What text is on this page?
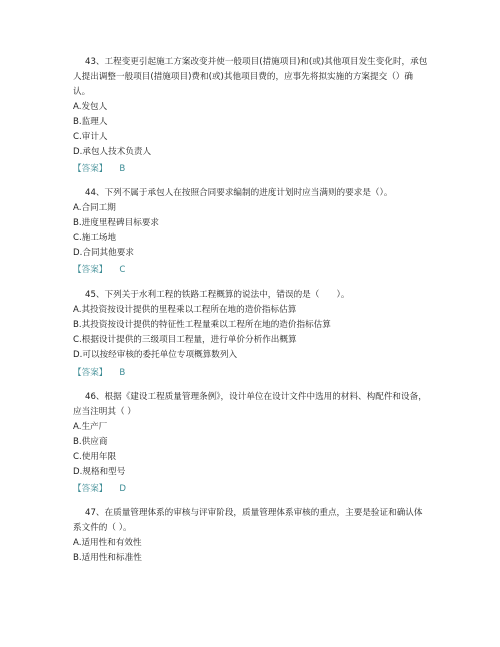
43、工程变更引起施工方案改变并使一般项目(措施项目)和(或)其他项目发生变化时，承包
人提出调整一般项目(措施项目)费和(或)其他项目费的，应事先将拟实施的方案提交（）确
认。
A.发包人
B.监理人
C.审计人
D.承包人技术负责人
【答案】 B
44、下列不属于承包人在按照合同要求编制的进度计划时应当满则的要求是（）。
A.合同工期
B.进度里程碑目标要求
C.施工场地
D.合同其他要求
【答案】 C
45、下列关于水利工程的铁路工程概算的说法中，错误的是（　　）。
A.其投资按设计提供的里程乘以工程所在地的造价指标估算
B.其投资按设计提供的特征性工程量乘以工程所在地的造价指标估算
C.根据设计提供的三级项目工程量，进行单价分析作出概算
D.可以按经审核的委托单位专项概算数列入
【答案】 B
46、根据《建设工程质量管理条例》，设计单位在设计文件中选用的材料、构配件和设备，
应当注明其（ ）
A.生产厂
B.供应商
C.使用年限
D.规格和型号
【答案】 D
47、在质量管理体系的审核与评审阶段，质量管理体系审核的重点，主要是验证和确认体
系文件的（ ）。
A.适用性和有效性
B.适用性和标准性
